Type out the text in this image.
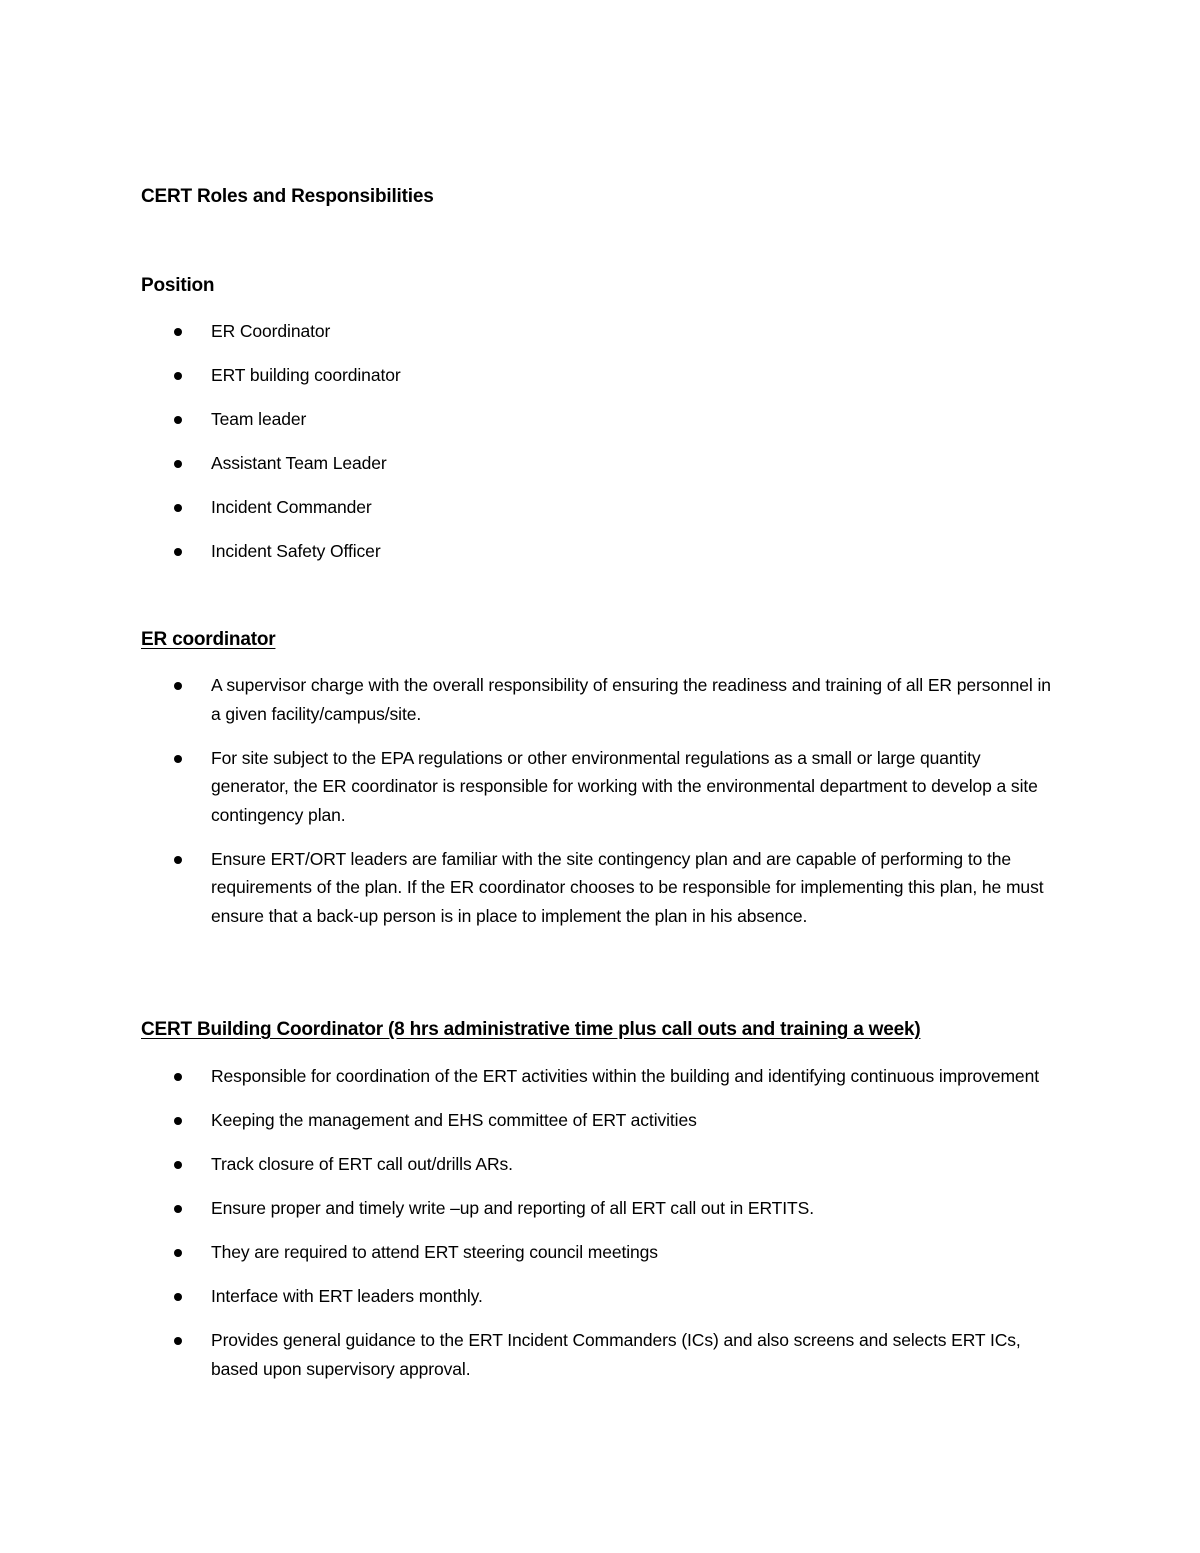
CERT Roles and Responsibilities
Position
ER Coordinator
ERT building coordinator
Team leader
Assistant Team Leader
Incident Commander
Incident Safety Officer
ER coordinator
A supervisor charge with the overall responsibility of ensuring the readiness and training of all ER personnel in a given facility/campus/site.
For site subject to the EPA regulations or other environmental regulations as a small or large quantity generator, the ER coordinator is responsible for working with the environmental department to develop a site contingency plan.
Ensure ERT/ORT leaders are familiar with the site contingency plan and are capable of performing to the requirements of the plan. If the ER coordinator chooses to be responsible for implementing this plan, he must ensure that a back-up person is in place to implement the plan in his absence.
CERT Building Coordinator (8 hrs administrative time plus call outs and training a week)
Responsible for coordination of the ERT activities within the building and identifying continuous improvement
Keeping the management and EHS committee of ERT activities
Track closure of ERT call out/drills ARs.
Ensure proper and timely write –up and reporting of all ERT call out in ERTITS.
They are required to attend ERT steering council meetings
Interface with ERT leaders monthly.
Provides general guidance to the ERT Incident Commanders (ICs) and also screens and selects ERT ICs, based upon supervisory approval.
